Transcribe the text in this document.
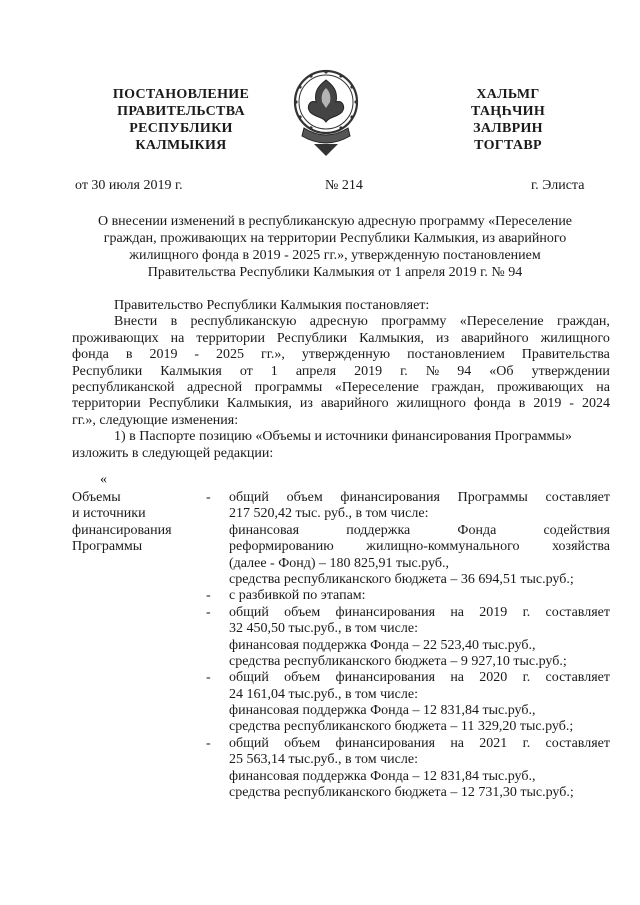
ПОСТАНОВЛЕНИЕ
ПРАВИТЕЛЬСТВА
РЕСПУБЛИКИ
КАЛМЫКИЯ
ХАЛЬМГ
ТАҢҺЧИН
ЗАЛВРИН
ТОГТАВР
от 30 июля 2019 г.	№ 214	г. Элиста
О внесении изменений в республиканскую адресную программу «Переселение
граждан, проживающих на территории Республики Калмыкия, из аварийного
жилищного фонда в 2019 - 2025 гг.», утвержденную постановлением
Правительства Республики Калмыкия от 1 апреля 2019 г. № 94
Правительство Республики Калмыкия постановляет:
Внести в республиканскую адресную программу «Переселение граждан,
проживающих на территории Республики Калмыкия, из аварийного жилищного
фонда в 2019 - 2025 гг.», утвержденную постановлением Правительства
Республики Калмыкия от 1 апреля 2019 г. № 94 «Об утверждении
республиканской адресной программы «Переселение граждан, проживающих на
территории Республики Калмыкия, из аварийного жилищного фонда в 2019 - 2024
гг.», следующие изменения:
1) в Паспорте позицию «Объемы и источники финансирования Программы»
изложить в следующей редакции:
«
Объемы
и источники
финансирования
Программы
- общий объем финансирования Программы составляет
217 520,42 тыс. руб., в том числе:
финансовая	поддержка	Фонда	содействия
реформированию жилищно-коммунального хозяйства
(далее - Фонд) – 180 825,91 тыс.руб.,
средства республиканского бюджета – 36 694,51 тыс.руб.;
- с разбивкой по этапам:
- общий объем финансирования на 2019 г. составляет
32 450,50 тыс.руб., в том числе:
финансовая поддержка Фонда – 22 523,40 тыс.руб.,
средства республиканского бюджета – 9 927,10 тыс.руб.;
- общий объем финансирования на 2020 г. составляет
24 161,04 тыс.руб., в том числе:
финансовая поддержка Фонда – 12 831,84 тыс.руб.,
средства республиканского бюджета – 11 329,20 тыс.руб.;
- общий объем финансирования на 2021 г. составляет
25 563,14 тыс.руб., в том числе:
финансовая поддержка Фонда – 12 831,84 тыс.руб.,
средства республиканского бюджета – 12 731,30 тыс.руб.;
